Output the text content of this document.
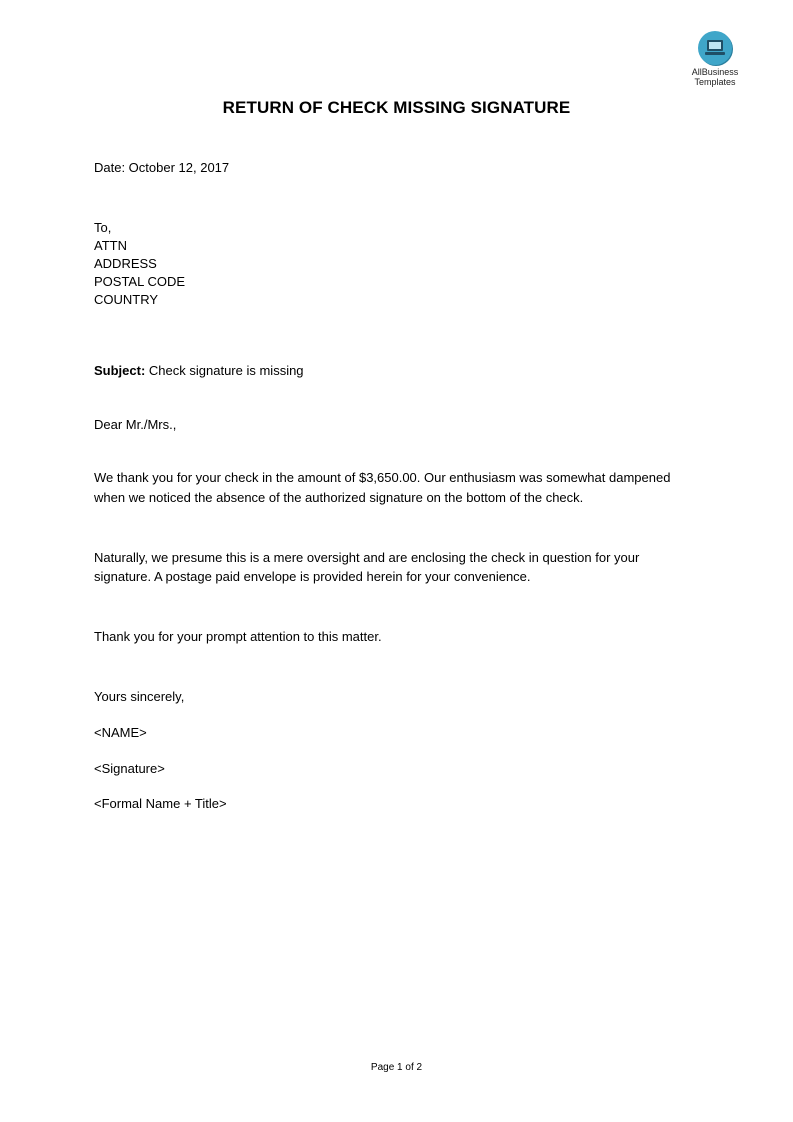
AllBusiness
Templates
RETURN OF CHECK MISSING SIGNATURE
Date: October 12, 2017
To,
ATTN
ADDRESS
POSTAL CODE
COUNTRY
Subject: Check signature is missing
Dear Mr./Mrs.,
We thank you for your check in the amount of $3,650.00. Our enthusiasm was somewhat dampened
when we noticed the absence of the authorized signature on the bottom of the check.
Naturally, we presume this is a mere oversight and are enclosing the check in question for your
signature. A postage paid envelope is provided herein for your convenience.
Thank you for your prompt attention to this matter.
Yours sincerely,
<NAME>
<Signature>
<Formal Name + Title>
Page 1 of 2
